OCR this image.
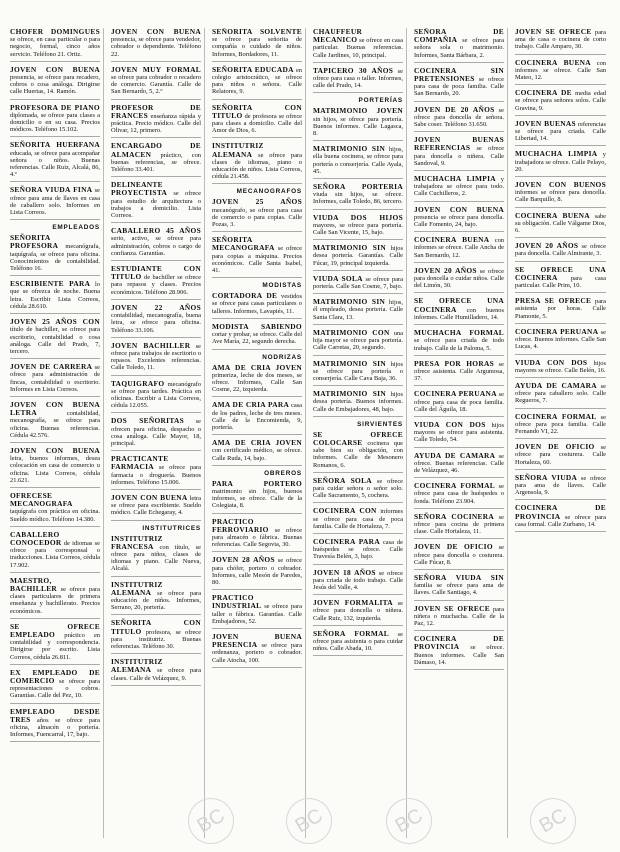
CHOFER DOMINGUES se ofrece, en casa particular o para negocio, formal, cinco años servicio. Teléfono 21. Ortiz.

JOVEN CON BUENA presencia, se ofrece para recadero, cobros o cosa análoga. Dirigirse calle Huertas, 14. Ramón.

PROFESORA DE PIANO diplomada, se ofrece para clases a domicilio o en su casa. Precios módicos. Teléfono 15.102.

SEÑORITA HUERFANA educada, se ofrece para acompañar señora o niños. Buenas referencias. Calle Ruiz, Alcalá, 86, 4.º

SEÑORA VIUDA FINA se ofrece para ama de llaves en casa de caballero solo. Informes en Lista Correos.

EMPLEADOS

SEÑORITA PROFESORA mecanógrafa, taquígrafa, se ofrece para oficina. Conocimientos de contabilidad. Teléfono 16.

ESCRIBIENTE PARA lo que se ofrezca de noche. Buena letra. Escribir Lista Correos, cédula 28.610.

JOVEN 25 AÑOS CON título de bachiller, se ofrece para escritorio, contabilidad o cosa análoga. Calle del Prado, 7, tercero.

JOVEN DE CARRERA se ofrece para administración de fincas, contabilidad o escritorio. Informes en Lista Correos.

JOVEN CON BUENA LETRA	contabilidad, mecanografía, se ofrece para oficina. Buenas referencias. Cédula 42.576.

JOVEN CON BUENA letra, buenos informes, desea colocación en casa de comercio u oficina. Lista Correos, cédula 21.621.

OFRECESE MECANOGRAFA taquígrafa con práctica en oficina. Sueldo módico. Teléfono 14.380.

CABALLERO CONOCEDOR de idiomas se ofrece para corresponsal o traducciones. Lista Correos, cédula 17.902.

MAESTRO, BACHILLER se ofrece para clases particulares de primera enseñanza y bachillerato. Precios económicos.

SE OFRECE EMPLEADO práctico en contabilidad y correspondencia. Dirigirse por escrito. Lista Correos, cédula 26.811.

EX EMPLEADO DE COMERCIO se ofrece para representaciones o cobros. Garantías. Calle del Pez, 10.

EMPLEADO DESDE TRES años se ofrece para oficina, almacén o portería. Informes, Fuencarral, 17, bajo.

JOVEN CON BUENA presencia, se ofrece para vendedor, cobrador o dependiente. Teléfono 22.

JOVEN MUY FORMAL se ofrece para cobrador o recadero de comercio. Garantía. Calle de San Bernardo, 5, 2.º

PROFESOR DE FRANCES enseñanza rápida y práctica. Precio módico. Calle del Olivar, 12, primero.

ENCARGADO DE ALMACEN práctico, con buenas referencias, se ofrece. Teléfono 33.401.

DELINEANTE PROYECTISTA se ofrece para estudio de arquitectura o trabajos a domicilio. Lista Correos.

CABALLERO 45 AÑOS serio, activo, se ofrece para administración, cobros o cargo de confianza. Garantías.

ESTUDIANTE CON TITULO de bachiller se ofrece para repasos y clases. Precios económicos. Teléfono 28.906.

JOVEN 22 AÑOS contabilidad, mecanografía, buena letra, se ofrece para oficina. Teléfono 33.106.

JOVEN BACHILLER se ofrece para trabajos de escritorio o repasos. Excelentes referencias. Calle Toledo, 11.

TAQUIGRAFO mecanógrafo se ofrece para tardes. Práctica en oficinas. Escribir a Lista Correos, cédula 12.055.

DOS SEÑORITAS se ofrecen para oficina, despacho o cosa análoga. Calle Mayor, 18, principal.

PRACTICANTE FARMACIA se ofrece para farmacia o droguería. Buenos informes. Teléfono 15.006.

JOVEN CON BUENA letra se ofrece para escribiente. Sueldo módico. Calle Echegaray, 4.

INSTITUTRICES

INSTITUTRIZ FRANCESA con título, se ofrece para niños, clases de idiomas y piano. Calle Nueva, Alcalá.

INSTITUTRIZ ALEMANA se ofrece para educación de niños. Informes, Serrano, 20, portería.

SEÑORITA CON TITULO profesora, se ofrece para institutriz. Buenas referencias. Teléfono 30.

INSTITUTRIZ ALEMANA se ofrece para clases. Calle de Velázquez, 9.

SEÑORITA SOLVENTE se ofrece para señorita de compañía o cuidado de niños. Informes, Bordadores, 11.

SEÑORITA EDUCADA en colegio aristocrático, se ofrece para niños o señora. Calle Relatores, 9.

SEÑORITA CON TITULO de profesora se ofrece para clases a domicilio. Calle del Amor de Dios, 6.

INSTITUTRIZ ALEMANA se ofrece para clases de idiomas, piano o educación de niños. Lista Correos, cédula 21.458.

MECANOGRAFOS

JOVEN 25 AÑOS mecanógrafo, se ofrece para casa de comercio o para copias. Calle Pozas, 3.

SEÑORITA MECANOGRAFA se ofrece para copias a máquina. Precios económicos. Calle Santa Isabel, 41.

MODISTAS

CORTADORA DE vestidos se ofrece para casas particulares o talleres. Informes, Lavapiés, 11.

MODISTA SABIENDO cortar y probar, se ofrece. Calle del Ave María, 22, segundo derecha.

NODRIZAS

AMA DE CRIA JOVEN primeriza, leche de dos meses, se ofrece. Informes, Calle San Cosme, 22, izquierda.

AMA DE CRIA PARA casa de los padres, leche de tres meses. Calle de la Encomienda, 9, portería.

AMA DE CRIA JOVEN con certificado médico, se ofrece. Calle Ruda, 14, bajo.

OBREROS

PARA PORTERO matrimonio sin hijos, buenos informes, se ofrece. Calle de la Colegiata, 8.

PRACTICO FERROVIARIO se ofrece para almacén o fábrica. Buenas referencias. Calle Segovia, 30.

JOVEN 28 AÑOS se ofrece para chófer, portero o cobrador. Informes, calle Mesón de Paredes, 80.

PRACTICO INDUSTRIAL se ofrece para taller o fábrica. Garantías. Calle Embajadores, 52.

JOVEN BUENA PRESENCIA se ofrece para ordenanza, portero o cobrador. Calle Atocha, 100.

CHAUFFEUR MECANICO se ofrece en casa particular. Buenas referencias. Calle Jardines, 10, principal.

TAPICERO 30 AÑOS se ofrece para casa o taller. Informes, calle del Prado, 14.

PORTERÍAS

MATRIMONIO JOVEN sin hijos, se ofrece para portería. Buenos informes. Calle Lagasca, 8.

MATRIMONIO SIN hijos, ella buena cocinera, se ofrece para portería o conserjería. Calle Ayala, 45.

SEÑORA PORTERIA viuda sin hijos, se ofrece. Informes, calle Toledo, 86, tercero.

VIUDA DOS HIJOS mayores, se ofrece para portería. Calle San Vicente, 15, bajo.

MATRIMONIO SIN hijos desea portería. Garantías. Calle Fúcar, 19, principal izquierda.

VIUDA SOLA se ofrece para portería. Calle San Cosme, 7, bajo.

MATRIMONIO SIN hijos, él empleado, desea portería. Calle Santa Clara, 13.

MATRIMONIO CON una hija mayor se ofrece para portería. Calle Carretas, 20, segundo.

MATRIMONIO SIN hijos se ofrece para portería o conserjería. Calle Cava Baja, 36.

MATRIMONIO SIN hijos desea portería. Buenos informes. Calle de Embajadores, 48, bajo.

SIRVIENTES

SE OFRECE COLOCARSE cocinera que sabe bien su obligación, con informes. Calle de Mesonero Romanos, 6.

SEÑORA SOLA se ofrece para cuidar señora o señor solo. Calle Sacramento, 5, cochera.

COCINERA CON informes se ofrece para casa de poca familia. Calle de Hortaleza, 7.

COCINERA PARA casa de huéspedes se ofrece. Calle Travesía Belén, 3, bajo.

JOVEN 18 AÑOS se ofrece para criada de todo trabajo. Calle Jesús del Valle, 4.

JOVEN FORMALITA se ofrece para doncella o niñera. Calle Ruiz, 132, izquierda.

SEÑORA FORMAL se ofrece para asistenta o para cuidar niños. Calle Abada, 10.

SEÑORA DE COMPAÑIA se ofrece para señora sola o matrimonio. Informes, Santa Bárbara, 2.

COCINERA SIN PRETENSIONES se ofrece para casa de poca familia. Calle San Bernardo, 20.

JOVEN DE 20 AÑOS se ofrece para doncella de señora. Sabe coser. Teléfono 31.650.

JOVEN BUENAS REFERENCIAS se ofrece para doncella o niñera. Calle Sandoval, 9.

MUCHACHA LIMPIA y trabajadora se ofrece para todo. Calle Cuchilleros, 2.

JOVEN CON BUENA presencia se ofrece para doncella. Calle Fomento, 24, bajo.

COCINERA BUENA con informes se ofrece. Calle Ancha de San Bernardo, 12.

JOVEN 20 AÑOS se ofrece para doncella o cuidar niños. Calle del Limón, 30.

SE OFRECE UNA COCINERA con buenos informes. Calle Humilladero, 14.

MUCHACHA FORMAL se ofrece para criada de todo trabajo. Calle de la Paloma, 5.

PRESA POR HORAS se ofrece asistenta. Calle Argumosa, 37.

COCINERA PERUANA se ofrece para casa de poca familia. Calle del Águila, 18.

VIUDA CON DOS hijos mayores se ofrece para asistenta. Calle Toledo, 54.

AYUDA DE CAMARA se ofrece. Buenas referencias. Calle de Velázquez, 46.

COCINERA FORMAL se ofrece para casa de huéspedes o fonda. Teléfono 23.904.

SEÑORA COCINERA se ofrece para cocina de primera clase. Calle Hortaleza, 11.

JOVEN DE OFICIO se ofrece para doncella o costurera. Calle Fúcar, 8.

SEÑORA VIUDA SIN familia se ofrece para ama de llaves. Calle Santiago, 4.

JOVEN SE OFRECE para niñera o muchacha. Calle de la Paz, 12.

COCINERA DE PROVINCIA se ofrece. Buenos informes. Calle San Dámaso, 14.

JOVEN SE OFRECE para ama de casa o cocinera de corto trabajo. Calle Amparo, 30.

COCINERA BUENA con informes se ofrece. Calle San Mateo, 12.

COCINERA DE media edad se ofrece para señores solos. Calle Gravina, 9.

JOVEN BUENAS referencias se ofrece para criada. Calle Libertad, 14.

MUCHACHA LIMPIA y trabajadora se ofrece. Calle Pelayo, 20.

JOVEN CON BUENOS informes se ofrece para doncella. Calle Barquillo, 8.

COCINERA BUENA sabe su obligación. Calle Válgame Dios, 6.

JOVEN 20 AÑOS se ofrece para doncella. Calle Almirante, 3.

SE OFRECE UNA COCINERA para casa particular. Calle Prim, 10.

PRESA SE OFRECE para asistenta por horas. Calle Piamonte, 5.

COCINERA PERUANA se ofrece. Buenos informes. Calle San Lucas, 4.

VIUDA CON DOS hijos mayores se ofrece. Calle Belén, 16.

AYUDA DE CAMARA se ofrece para caballero solo. Calle Regueros, 7.

COCINERA FORMAL se ofrece para poca familia. Calle Fernando VI, 22.

JOVEN DE OFICIO se ofrece para costurera. Calle Hortaleza, 60.

SEÑORA VIUDA se ofrece para ama de llaves. Calle Argensola, 9.

COCINERA DE PROVINCIA se ofrece para casa formal. Calle Zurbano, 14.

BC	BC	BC	BC
